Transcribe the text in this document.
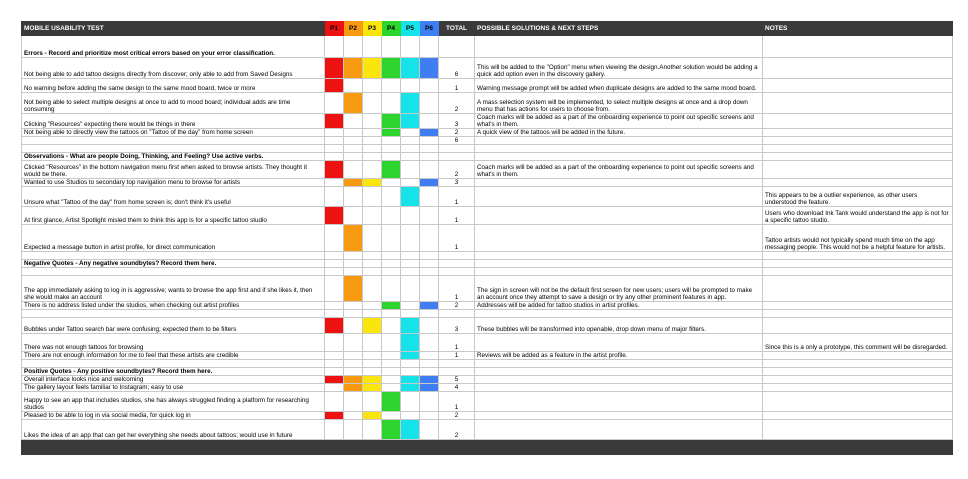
MOBILE USABILITY TEST	P1	P2	P3	P4	P5	P6	TOTAL	POSSIBLE SOLUTIONS & NEXT STEPS	NOTES
Errors - Record and prioritize most critical errors based on your error classification.									
Not being able to add tattoo designs directly from discover; only able to add from Saved Designs							6	This will be added to the "Option" menu when viewing the design.Another solution would be adding a quick add option even in the discovery gallery.	
No warning before adding the same design to the same mood board, twice or more							1	Warning message prompt will be added when duplicate designs are added to the same mood board.	
Not being able to select multiple designs at once to add to mood board; individual adds are time consuming							2	A mass selection system will be implemented, to select multiple designs at once and a drop down menu that has actions for users to choose from.	
Clicking "Resources" expecting there would be things in there							3	Coach marks will be added as a part of the onboarding experience to point out specific screens and what's in them.	
Not being able to directly view the tattoos on "Tattoo of the day" from home screen							2	A quick view of the tattoos will be added in the future.	
							6		

Observations - What are people Doing, Thinking, and Feeling? Use active verbs.									
Clicked "Resources" in the bottom navigation menu first when asked to browse artists. They thought it would be there.							2	Coach marks will be added as a part of the onboarding experience to point out specific screens and what's in them.	
Wanted to use Studios to secondary top navigation menu to browse for artists							3		
Unsure what "Tattoo of the day" from home screen is; don't think it's useful							1		This appears to be a outlier experience, as other users understood the feature.
At first glance, Artist Spotlight misled them to think this app is for a specific tattoo studio							1		Users who download Ink Tank would understand the app is not for a specific tattoo studio.
Expected a message button in artist profile, for direct communication							1		Tattoo artists would not typically spend much time on the app messaging people. This would not be a helpful feature for artists.

Negative Quotes - Any negative soundbytes? Record them here.									

The app immediately asking to log in is aggressive; wants to browse the app first and if she likes it, then she would make an account							1	The sign in screen will not be the default first screen for new users; users will be prompted to make an account once they attempt to save a design or try any other prominent features in app.	
There is no address listed under the studios, when checking out artist profiles							2	Addresses will be added for tattoo studios in artist profiles.	

Bubbles under Tattoo search bar were confusing; expected them to be filters							3	These bubbles will be transformed into openable, drop down menu of major filters.	
There was not enough tattoos for browsing							1		Since this is a only a prototype, this comment will be disregarded.
There are not enough information for me to feel that these artists are credible							1	Reviews will be added as a feature in the artist profile.	

Positive Quotes - Any positive soundbytes? Record them here.									
Overall interface looks nice and welcoming							5		
The gallery layout feels familiar to Instagram; easy to use							4		
Happy to see an app that includes studios, she has always struggled finding a platform for researching studios							1		
Pleased to be able to log in via social media, for quick log in							2		
Likes the idea of an app that can get her everything she needs about tattoos; would use in future							2		
